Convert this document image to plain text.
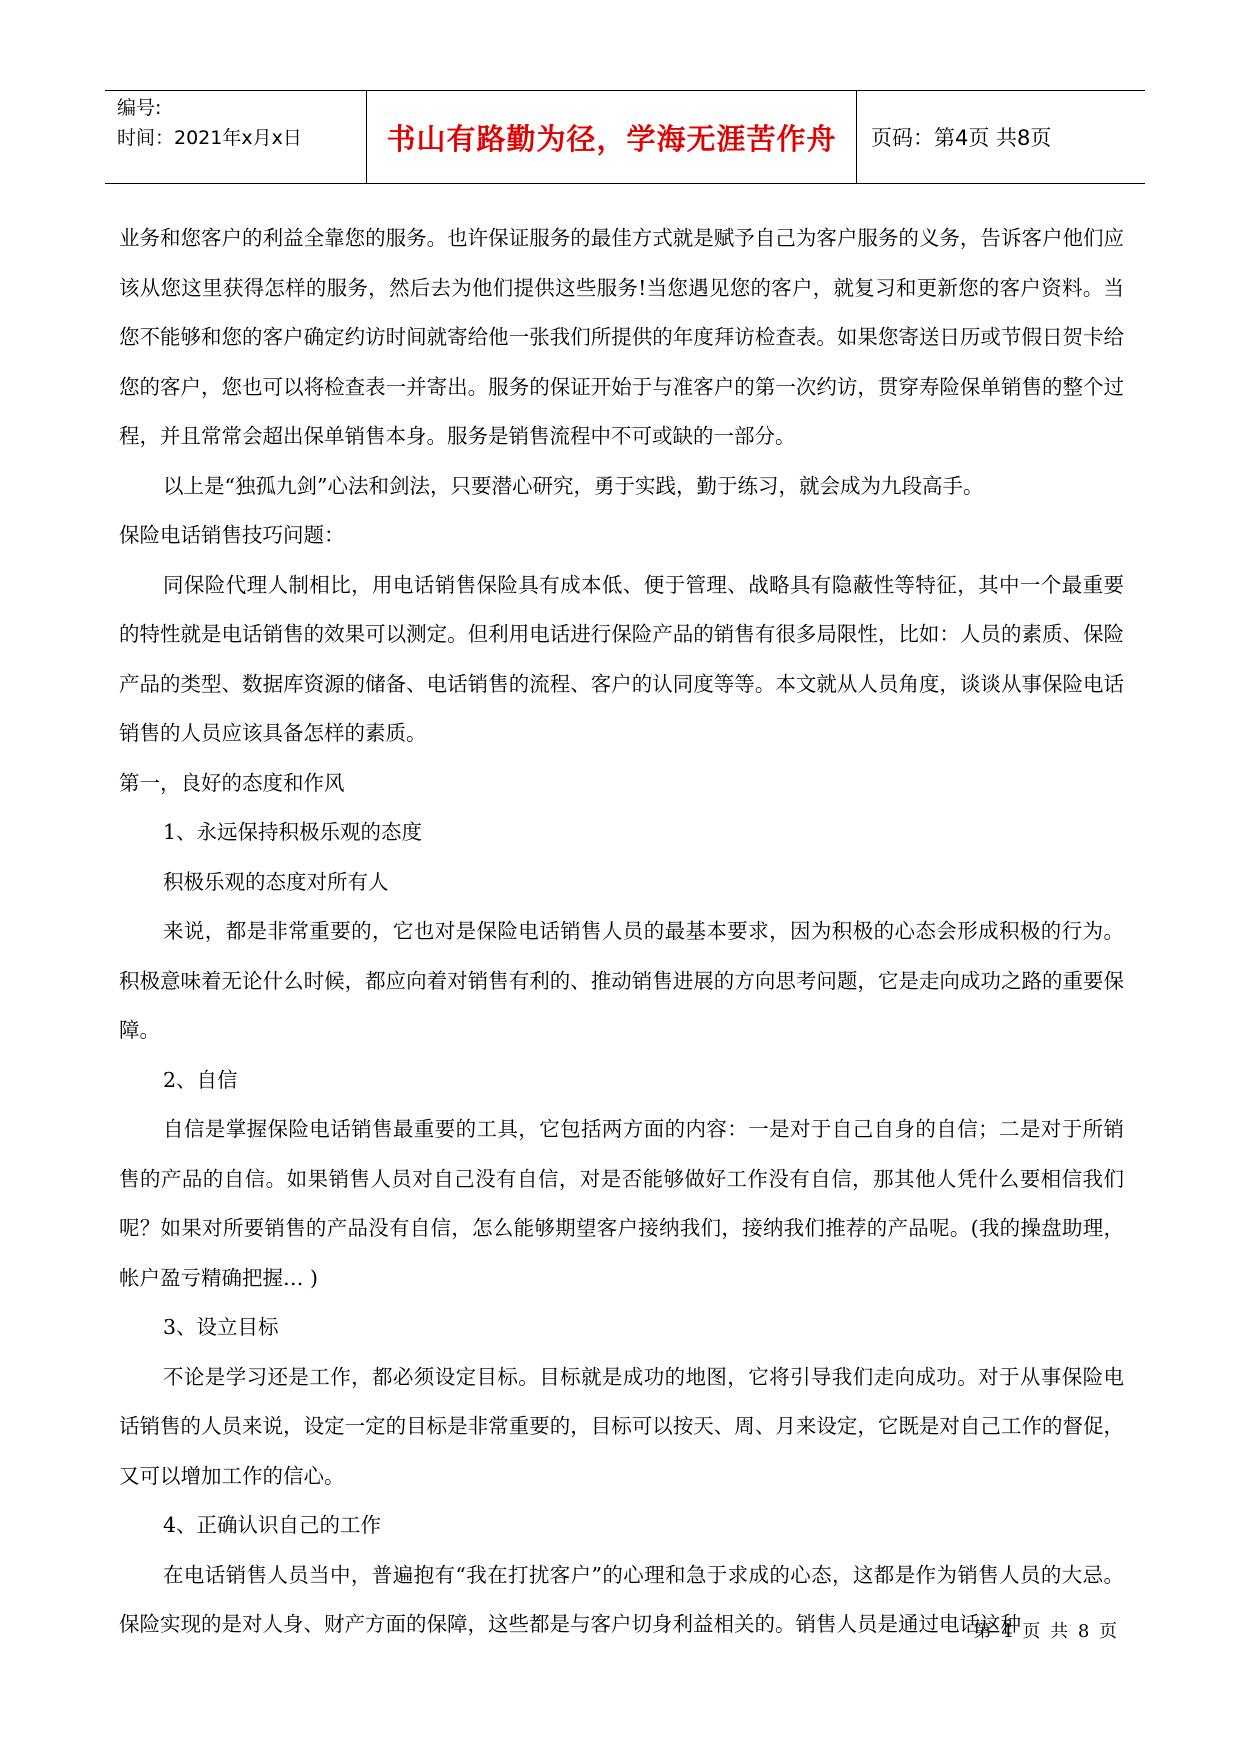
编号:
时间：2021年x月x日	书山有路勤为径，学海无涯苦作舟 页码：第4页 共8页

业务和您客户的利益全靠您的服务。也许保证服务的最佳方式就是赋予自己为客户服务的义务，告诉客户他们应该从您这里获得怎样的服务，然后去为他们提供这些服务!当您遇见您的客户，就复习和更新您的客户资料。当您不能够和您的客户确定约访时间就寄给他一张我们所提供的年度拜访检查表。如果您寄送日历或节假日贺卡给您的客户，您也可以将检查表一并寄出。服务的保证开始于与准客户的第一次约访，贯穿寿险保单销售的整个过程，并且常常会超出保单销售本身。服务是销售流程中不可或缺的一部分。

以上是“独孤九剑”心法和剑法，只要潜心研究，勇于实践，勤于练习，就会成为九段高手。

保险电话销售技巧问题：

同保险代理人制相比，用电话销售保险具有成本低、便于管理、战略具有隐蔽性等特征，其中一个最重要的特性就是电话销售的效果可以测定。但利用电话进行保险产品的销售有很多局限性，比如：人员的素质、保险产品的类型、数据库资源的储备、电话销售的流程、客户的认同度等等。本文就从人员角度，谈谈从事保险电话销售的人员应该具备怎样的素质。

第一，良好的态度和作风

1、永远保持积极乐观的态度

积极乐观的态度对所有人

来说，都是非常重要的，它也对是保险电话销售人员的最基本要求，因为积极的心态会形成积极的行为。积极意味着无论什么时候，都应向着对销售有利的、推动销售进展的方向思考问题，它是走向成功之路的重要保障。

2、自信

自信是掌握保险电话销售最重要的工具，它包括两方面的内容：一是对于自己自身的自信；二是对于所销售的产品的自信。如果销售人员对自己没有自信，对是否能够做好工作没有自信，那其他人凭什么要相信我们呢？如果对所要销售的产品没有自信，怎么能够期望客户接纳我们，接纳我们推荐的产品呢。(我的操盘助理，帐户盈亏精确把握… )

3、设立目标

不论是学习还是工作，都必须设定目标。目标就是成功的地图，它将引导我们走向成功。对于从事保险电话销售的人员来说，设定一定的目标是非常重要的，目标可以按天、周、月来设定，它既是对自己工作的督促，又可以增加工作的信心。

4、正确认识自己的工作

在电话销售人员当中，普遍抱有“我在打扰客户”的心理和急于求成的心态，这都是作为销售人员的大忌。保险实现的是对人身、财产方面的保障，这些都是与客户切身利益相关的。销售人员是通过电话这种

第 4 页 共 8 页
